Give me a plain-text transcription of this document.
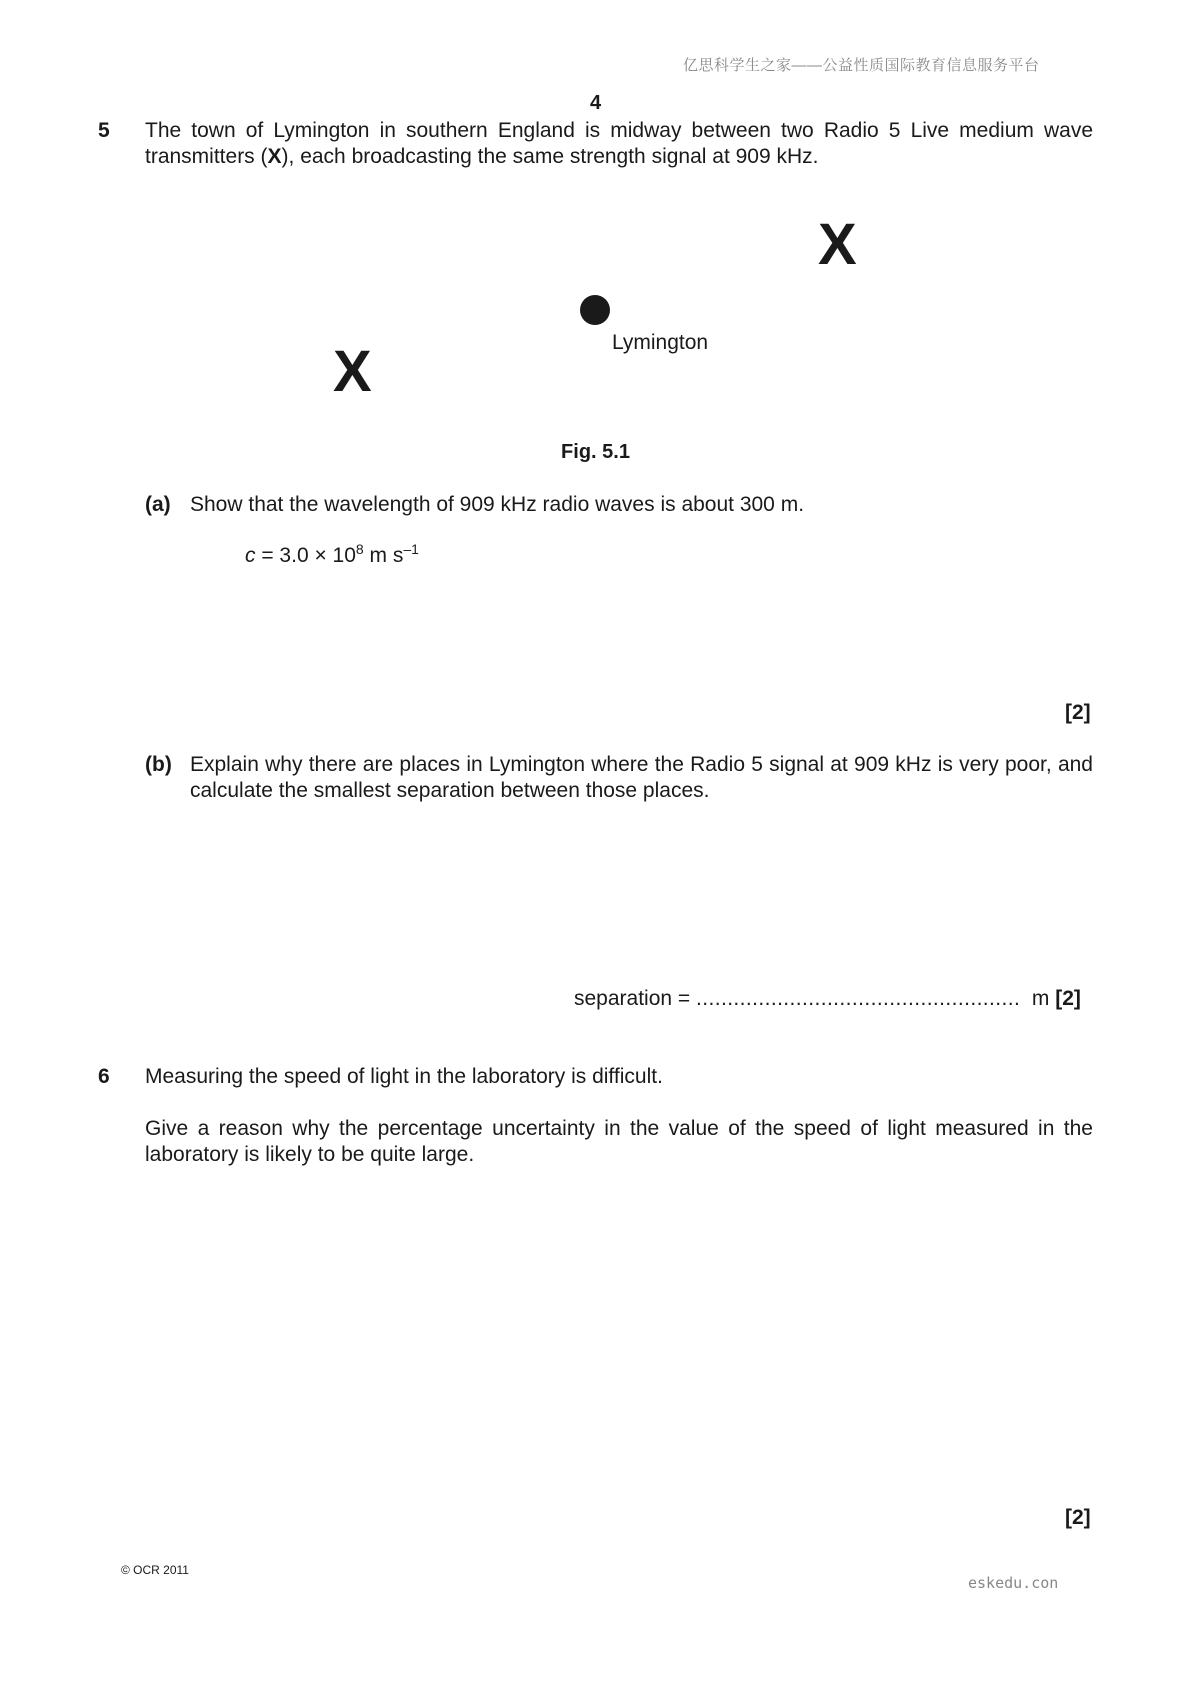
亿思科学生之家——公益性质国际教育信息服务平台
4
5 The town of Lymington in southern England is midway between two Radio 5 Live medium wave transmitters (X), each broadcasting the same strength signal at 909 kHz.
X
Lymington
X
Fig. 5.1
(a) Show that the wavelength of 909 kHz radio waves is about 300 m.
$c = 3.0 \times 10^8$ m $s^{-1}$
[2]
(b) Explain why there are places in Lymington where the Radio 5 signal at 909 kHz is very poor, and calculate the smallest separation between those places.
separation = .................................................... m [2]
6 Measuring the speed of light in the laboratory is difficult.
Give a reason why the percentage uncertainty in the value of the speed of light measured in the laboratory is likely to be quite large.
[2]
© OCR 2011
eskedu.con
